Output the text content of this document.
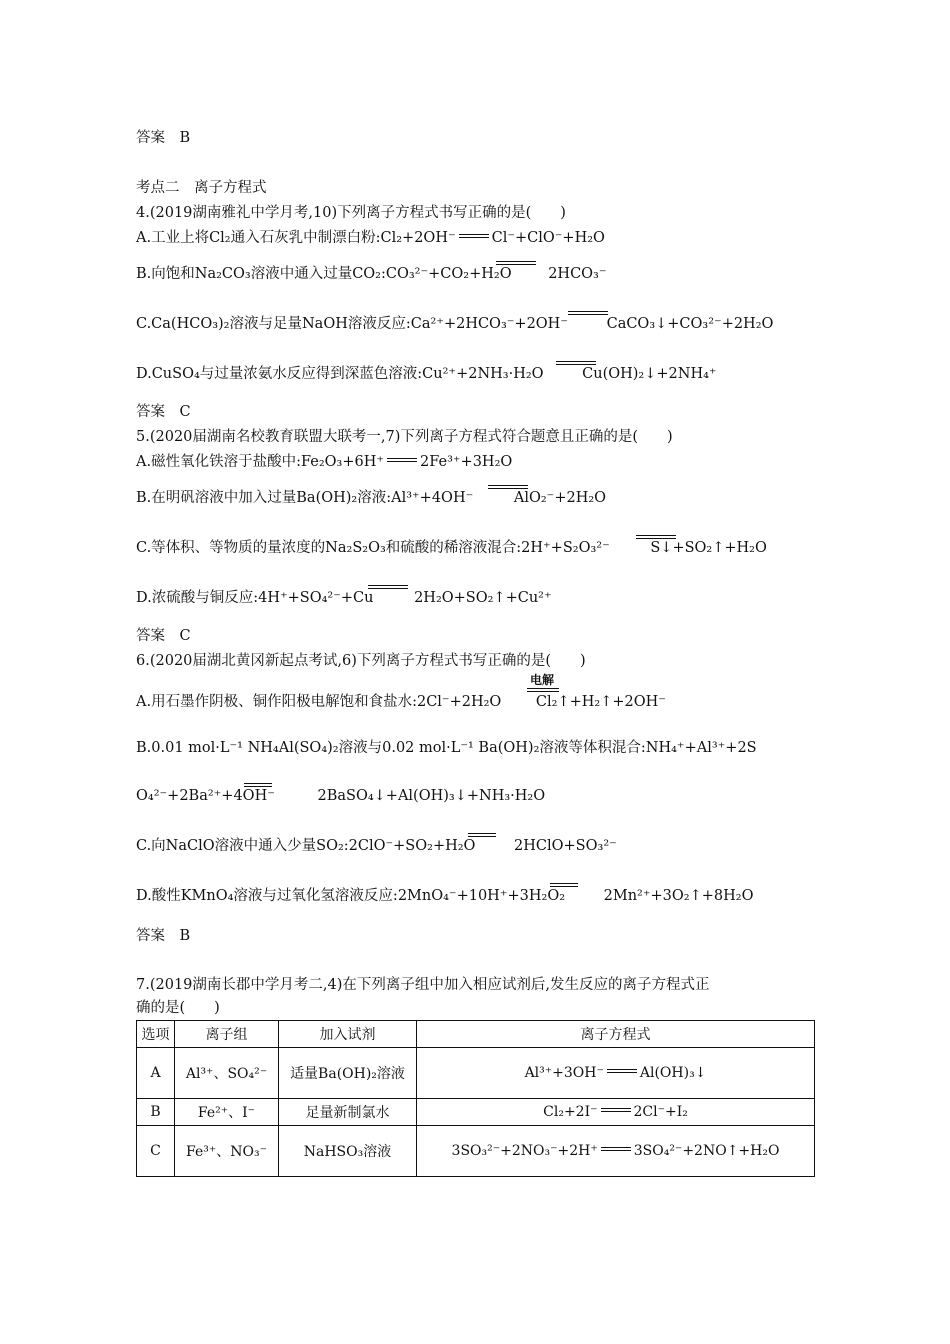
答案　B
考点二　离子方程式
4.(2019湖南雅礼中学月考,10)下列离子方程式书写正确的是(　　)
A.工业上将Cl₂通入石灰乳中制漂白粉:Cl₂+2OH⁻ Cl⁻+ClO⁻+H₂O
B.向饱和Na₂CO₃溶液中通入过量CO₂:CO₃²⁻+CO₂+H₂O	2HCO₃⁻
C.Ca(HCO₃)₂溶液与足量NaOH溶液反应:Ca²⁺+2HCO₃⁻+2OH⁻	CaCO₃↓+CO₃²⁻+2H₂O
D.CuSO₄与过量浓氨水反应得到深蓝色溶液:Cu²⁺+2NH₃·H₂O	Cu(OH)₂↓+2NH₄⁺
答案　C
5.(2020届湖南名校教育联盟大联考一,7)下列离子方程式符合题意且正确的是(　　)
A.磁性氧化铁溶于盐酸中:Fe₂O₃+6H⁺ 2Fe³⁺+3H₂O
B.在明矾溶液中加入过量Ba(OH)₂溶液:Al³⁺+4OH⁻	AlO₂⁻+2H₂O
C.等体积、等物质的量浓度的Na₂S₂O₃和硫酸的稀溶液混合:2H⁺+S₂O₃²⁻	S↓+SO₂↑+H₂O
D.浓硫酸与铜反应:4H⁺+SO₄²⁻+Cu	2H₂O+SO₂↑+Cu²⁺
答案　C
6.(2020届湖北黄冈新起点考试,6)下列离子方程式书写正确的是(　　)
电解
A.用石墨作阴极、铜作阳极电解饱和食盐水:2Cl⁻+2H₂O Cl₂↑+H₂↑+2OH⁻
B.0.01 mol·L⁻¹ NH₄Al(SO₄)₂溶液与0.02 mol·L⁻¹ Ba(OH)₂溶液等体积混合:NH₄⁺+Al³⁺+2S
O₄²⁻+2Ba²⁺+4OH⁻	2BaSO₄↓+Al(OH)₃↓+NH₃·H₂O
C.向NaClO溶液中通入少量SO₂:2ClO⁻+SO₂+H₂O	2HClO+SO₃²⁻
D.酸性KMnO₄溶液与过氧化氢溶液反应:2MnO₄⁻+10H⁺+3H₂O₂	2Mn²⁺+3O₂↑+8H₂O
答案　B
7.(2019湖南长郡中学月考二,4)在下列离子组中加入相应试剂后,发生反应的离子方程式正
确的是(　　)
选项	离子组	加入试剂	离子方程式
A	Al³⁺、SO₄²⁻	适量Ba(OH)₂溶液	Al³⁺+3OH⁻ Al(OH)₃↓
B	Fe²⁺、I⁻	足量新制氯水	Cl₂+2I⁻ 2Cl⁻+I₂
C	Fe³⁺、NO₃⁻	NaHSO₃溶液	3SO₃²⁻+2NO₃⁻+2H⁺ 3SO₄²⁻+2NO↑+H₂O
